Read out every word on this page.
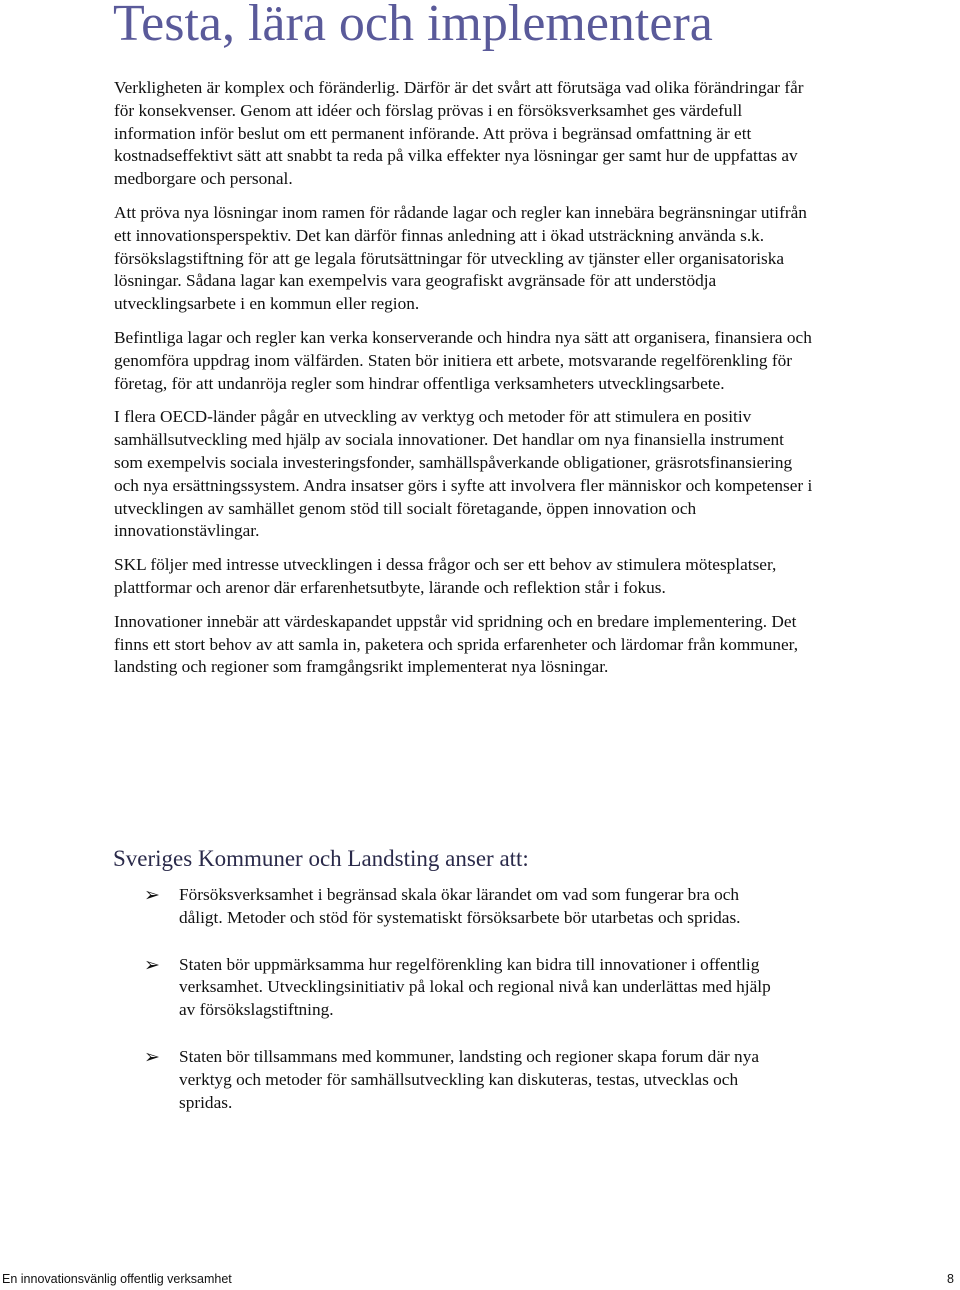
Testa, lära och implementera

Verkligheten är komplex och föränderlig. Därför är det svårt att förutsäga vad olika förändringar får för konsekvenser. Genom att idéer och förslag prövas i en försöksverksamhet ges värdefull information inför beslut om ett permanent införande. Att pröva i begränsad omfattning är ett kostnadseffektivt sätt att snabbt ta reda på vilka effekter nya lösningar ger samt hur de uppfattas av medborgare och personal.

Att pröva nya lösningar inom ramen för rådande lagar och regler kan innebära begränsningar utifrån ett innovationsperspektiv. Det kan därför finnas anledning att i ökad utsträckning använda s.k. försökslagstiftning för att ge legala förutsättningar för utveckling av tjänster eller organisatoriska lösningar. Sådana lagar kan exempelvis vara geografiskt avgränsade för att understödja utvecklingsarbete i en kommun eller region.

Befintliga lagar och regler kan verka konserverande och hindra nya sätt att organisera, finansiera och genomföra uppdrag inom välfärden. Staten bör initiera ett arbete, motsvarande regelförenkling för företag, för att undanröja regler som hindrar offentliga verksamheters utvecklingsarbete.

I flera OECD-länder pågår en utveckling av verktyg och metoder för att stimulera en positiv samhällsutveckling med hjälp av sociala innovationer. Det handlar om nya finansiella instrument som exempelvis sociala investeringsfonder, samhällspåverkande obligationer, gräsrotsfinansiering och nya ersättningssystem. Andra insatser görs i syfte att involvera fler människor och kompetenser i utvecklingen av samhället genom stöd till socialt företagande, öppen innovation och innovationstävlingar.

SKL följer med intresse utvecklingen i dessa frågor och ser ett behov av stimulera mötesplatser, plattformar och arenor där erfarenhetsutbyte, lärande och reflektion står i fokus.

Innovationer innebär att värdeskapandet uppstår vid spridning och en bredare implementering. Det finns ett stort behov av att samla in, paketera och sprida erfarenheter och lärdomar från kommuner, landsting och regioner som framgångsrikt implementerat nya lösningar.

Sveriges Kommuner och Landsting anser att:
➢ Försöksverksamhet i begränsad skala ökar lärandet om vad som fungerar bra och dåligt. Metoder och stöd för systematiskt försöksarbete bör utarbetas och spridas.
➢ Staten bör uppmärksamma hur regelförenkling kan bidra till innovationer i offentlig verksamhet. Utvecklingsinitiativ på lokal och regional nivå kan underlättas med hjälp av försökslagstiftning.
➢ Staten bör tillsammans med kommuner, landsting och regioner skapa forum där nya verktyg och metoder för samhällsutveckling kan diskuteras, testas, utvecklas och spridas.
En innovationsvänlig offentlig verksamhet	8
